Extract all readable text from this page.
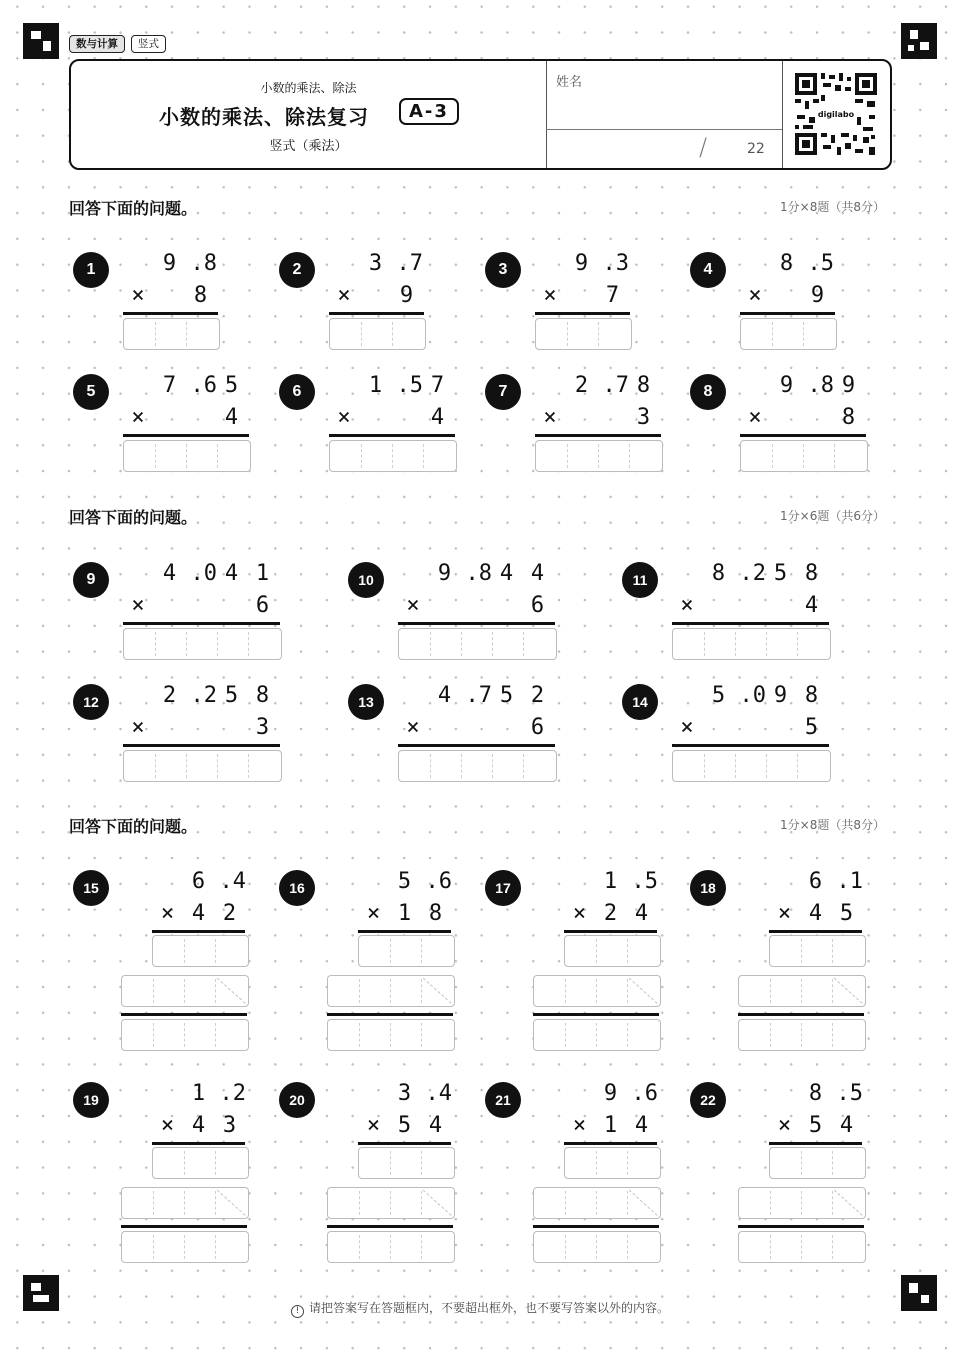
数与计算	竖式
小数的乘法、除法
小数的乘法、除法复习	A-3
竖式（乘法）
姓名
/	22
digilabo
回答下面的问题。	1分×8题（共8分）
回答下面的问题。	1分×6题（共6分）
回答下面的问题。	1分×8题（共8分）
1	9 .8
8
×
2	3 .7
9
×
3	9 .3
7
×
4	8 .5
9
×
5	7 .6 5
4
×
6	1 .5 7
4
×
7	2 .7 8
3
×
8	9 .8 9
8
×
9	4 .0 4 1
6
×
10	9 .8 4 4
6
×
11	8 .2 5 8
4
×
12	2 .2 5 8
3
×
13	4 .7 5 2
6
×
14	5 .0 9 8
5
×
15	6 .4
4 2
×
16	5 .6
1 8
×
17	1 .5
2 4
×
18	6 .1
4 5
×
19	1 .2
4 3
×
20	3 .4
5 4
×
21	9 .6
1 4
×
22	8 .5
5 4
×
! 请把答案写在答题框内，不要超出框外，也不要写答案以外的内容。
